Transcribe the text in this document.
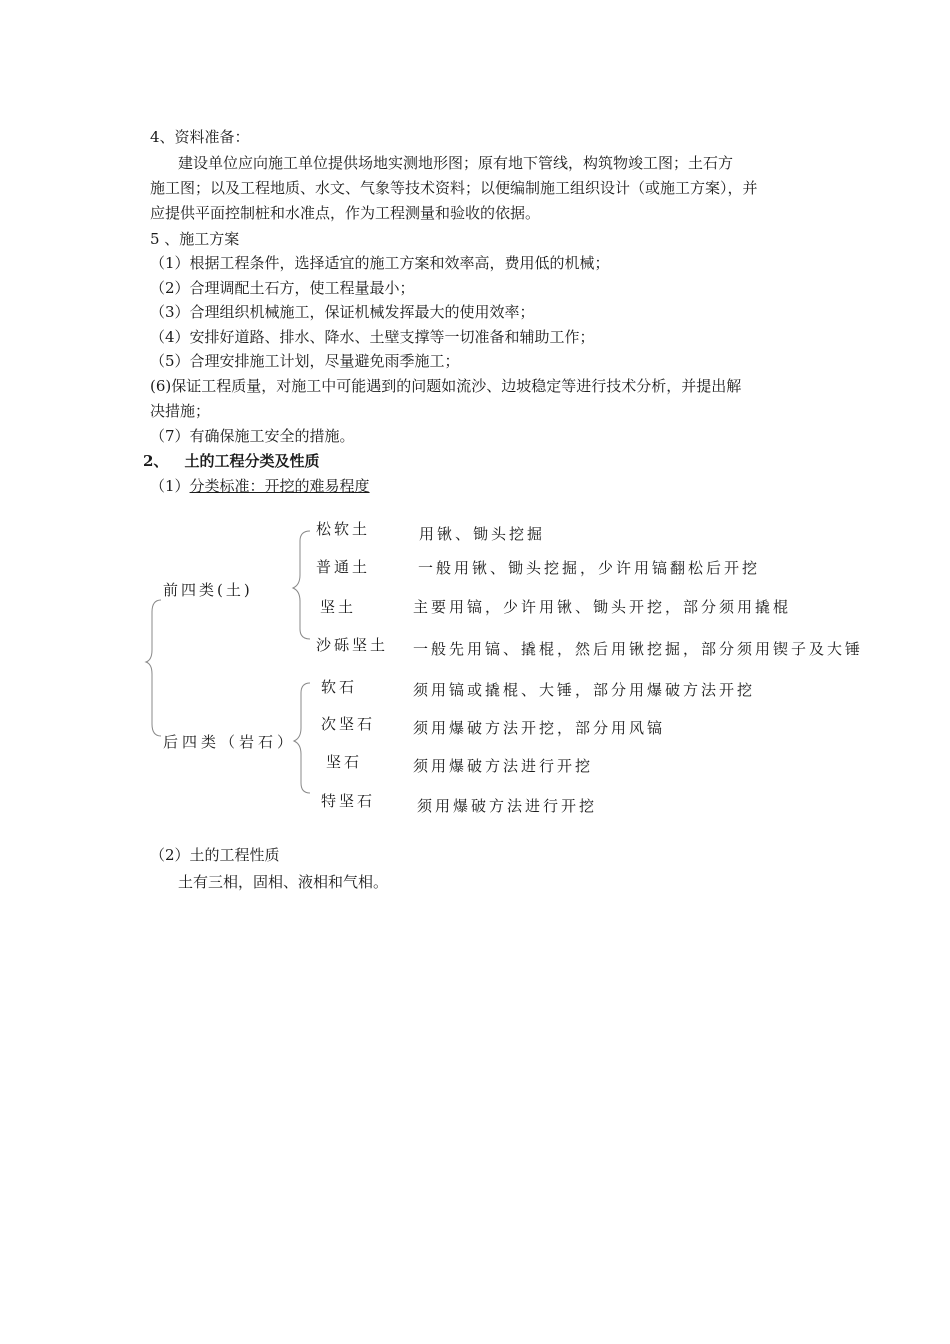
4、资料准备：
建设单位应向施工单位提供场地实测地形图；原有地下管线，构筑物竣工图；土石方
施工图；以及工程地质、水文、气象等技术资料；以便编制施工组织设计（或施工方案），并
应提供平面控制桩和水准点，作为工程测量和验收的依据。
5 、施工方案
（1）根据工程条件，选择适宜的施工方案和效率高，费用低的机械；
（2）合理调配土石方，使工程量最小；
（3）合理组织机械施工，保证机械发挥最大的使用效率；
（4）安排好道路、排水、降水、土壁支撑等一切准备和辅助工作；
（5）合理安排施工计划，尽量避免雨季施工；
(6)保证工程质量，对施工中可能遇到的问题如流沙、边坡稳定等进行技术分析，并提出解
决措施；
（7）有确保施工安全的措施。
2、 土的工程分类及性质
（1）分类标准：开挖的难易程度
前四类(土)
松软土	用锹、锄头挖掘
普通土	一般用锹、锄头挖掘，少许用镐翻松后开挖
坚土	主要用镐，少许用锹、锄头开挖，部分须用撬棍
沙砾坚土 一般先用镐、撬棍，然后用锹挖掘，部分须用锲子及大锤
后四类（岩石）
软石	须用镐或撬棍、大锤，部分用爆破方法开挖
次坚石	须用爆破方法开挖，部分用风镐
坚石	须用爆破方法进行开挖
特坚石	须用爆破方法进行开挖
（2）土的工程性质
土有三相，固相、液相和气相。
